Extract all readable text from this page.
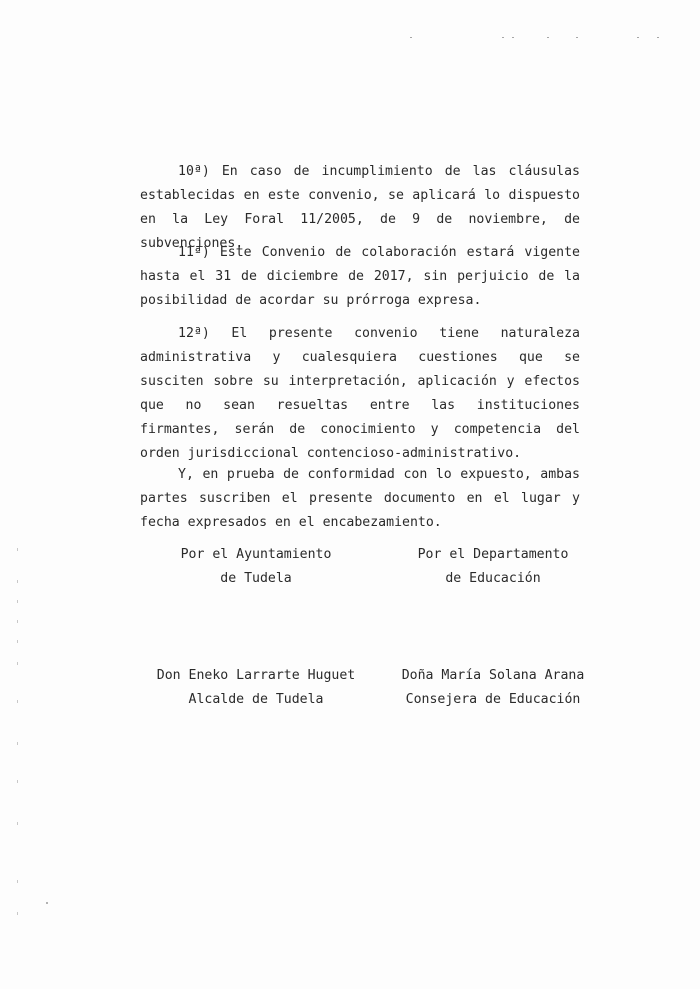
10ª) En caso de incumplimiento de las cláusulas establecidas en este convenio, se aplicará lo dispuesto en la Ley Foral 11/2005, de 9 de noviembre, de subvenciones.

11ª) Este Convenio de colaboración estará vigente hasta el 31 de diciembre de 2017, sin perjuicio de la posibilidad de acordar su prórroga expresa.

12ª) El presente convenio tiene naturaleza administrativa y cualesquiera cuestiones que se susciten sobre su interpretación, aplicación y efectos que no sean resueltas entre las instituciones firmantes, serán de conocimiento y competencia del orden jurisdiccional contencioso-administrativo.

Y, en prueba de conformidad con lo expuesto, ambas partes suscriben el presente documento en el lugar y fecha expresados en el encabezamiento.

Por el Ayuntamiento
de Tudela
Por el Departamento
de Educación
Don Eneko Larrarte Huguet
Alcalde de Tudela
Doña María Solana Arana
Consejera de Educación
